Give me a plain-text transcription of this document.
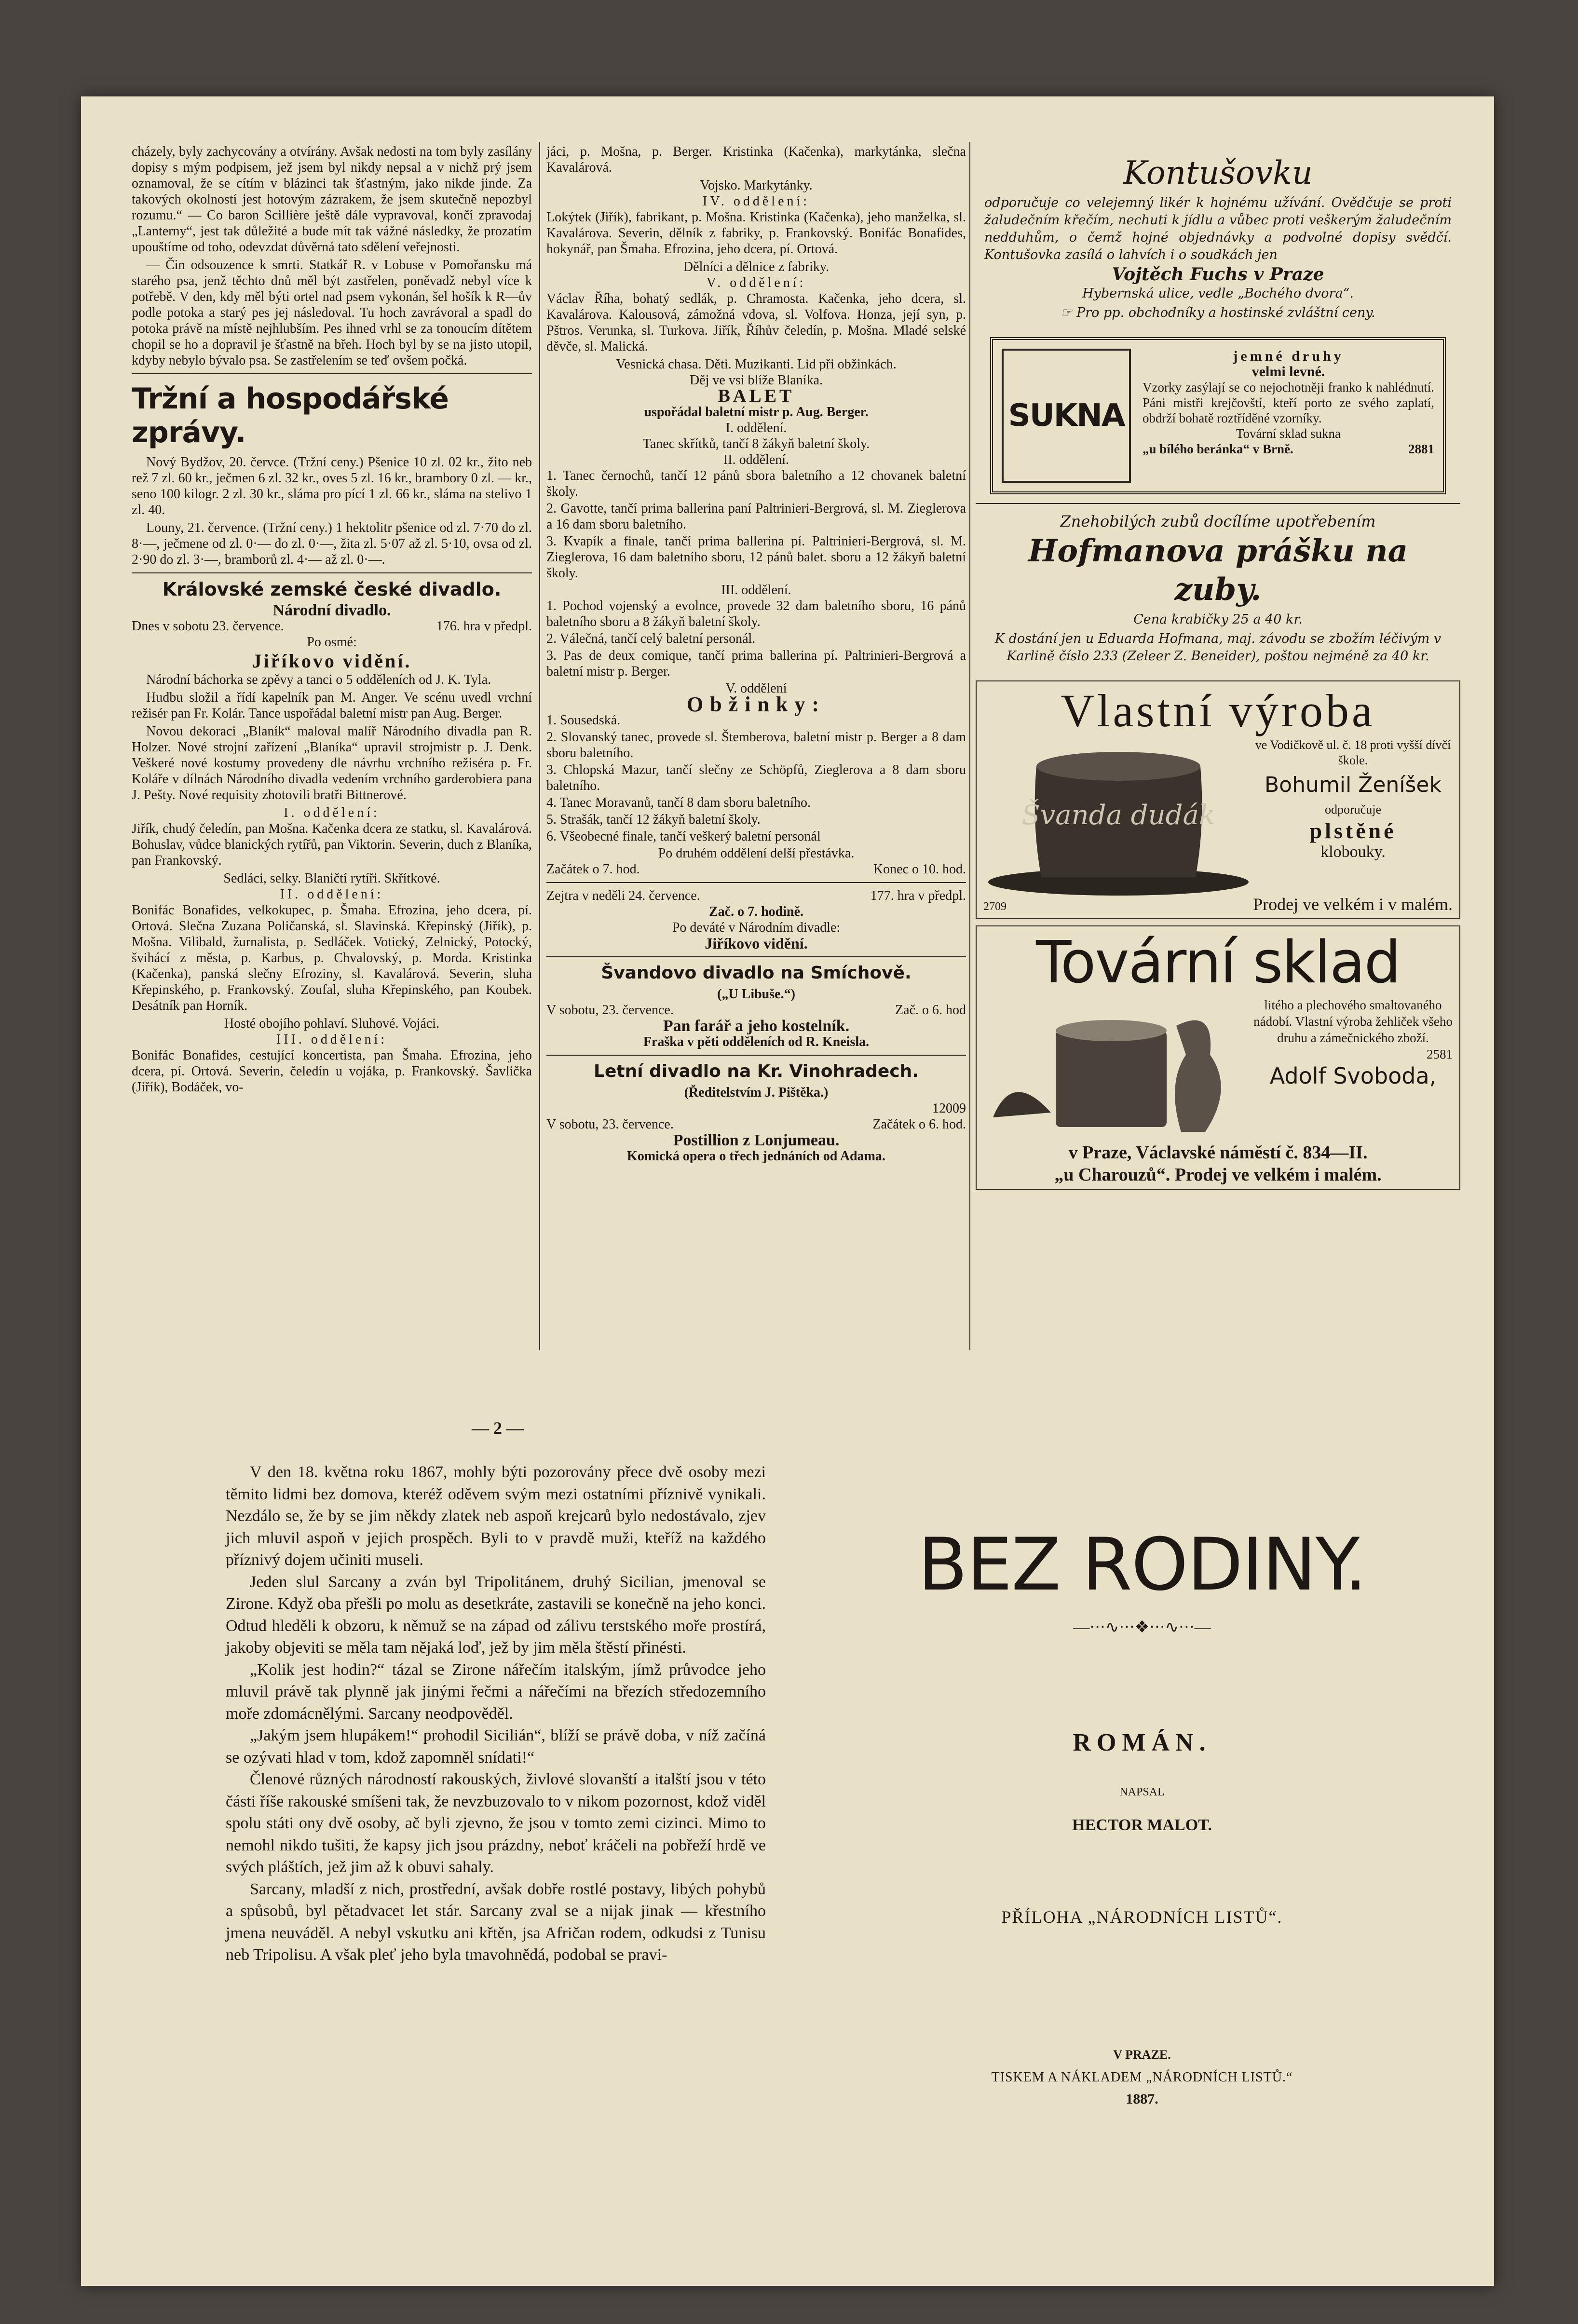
cházely, byly zachycovány a otvírány. Avšak nedosti na tom byly zasílány dopisy s mým podpisem, jež jsem byl nikdy nepsal a v nichž prý jsem oznamoval, že se cítím v blázinci tak šťastným, jako nikde jinde. Za takových okolností jest hotovým zázrakem, že jsem skutečně nepozbyl rozumu.“ — Co baron Scillière ještě dále vypravoval, končí zpravodaj „Lanterny“, jest tak důležité a bude mít tak vážné následky, že prozatím upouštíme od toho, odevzdat důvěrná tato sdělení veřejnosti.

— Čin odsouzence k smrti. Statkář R. v Lobuse v Pomořansku má starého psa, jenž těchto dnů měl být zastřelen, poněvadž nebyl více k potřebě. V den, kdy měl býti ortel nad psem vykonán, šel hošík k R—ův podle potoka a starý pes jej následoval. Tu hoch zavrávoral a spadl do potoka právě na místě nejhlubším. Pes ihned vrhl se za tonoucím dítětem chopil se ho a dopravil je šťastně na břeh. Hoch byl by se na jisto utopil, kdyby nebylo bývalo psa. Se zastřelením se teď ovšem počká.

Tržní a hospodářské zprávy.

Nový Bydžov, 20. červce. (Tržní ceny.) Pšenice 10 zl. 02 kr., žito neb rež 7 zl. 60 kr., ječmen 6 zl. 32 kr., oves 5 zl. 16 kr., brambory 0 zl. — kr., seno 100 kilogr. 2 zl. 30 kr., sláma pro pící 1 zl. 66 kr., sláma na stelivo 1 zl. 40.

Louny, 21. července. (Tržní ceny.) 1 hektolitr pšenice od zl. 7·70 do zl. 8·—, ječmene od zl. 0·— do zl. 0·—, žita zl. 5·07 až zl. 5·10, ovsa od zl. 2·90 do zl. 3·—, bramborů zl. 4·— až zl. 0·—.

Královské zemské české divadlo.
Národní divadlo.
Dnes v sobotu 23. července.	176. hra v předpl.
Po osmé:
Jiříkovo vidění.

Národní báchorka se zpěvy a tanci o 5 odděleních od J. K. Tyla.

Hudbu složil a řídí kapelník pan M. Anger. Ve scénu uvedl vrchní režisér pan Fr. Kolár. Tance uspořádal baletní mistr pan Aug. Berger.

Novou dekoraci „Blaník“ maloval malíř Národního divadla pan R. Holzer. Nové strojní zařízení „Blaníka“ upravil strojmistr p. J. Denk. Veškeré nové kostumy provedeny dle návrhu vrchního režiséra p. Fr. Koláře v dílnách Národního divadla vedením vrchního garderobiera pana J. Pešty. Nové requisity zhotovili bratři Bittnerové.

I. oddělení:

Jiřík, chudý čeledín, pan Mošna. Kačenka dcera ze statku, sl. Kavalárová. Bohuslav, vůdce blanických rytířů, pan Viktorin. Severin, duch z Blaníka, pan Frankovský.

Sedláci, selky. Blaničtí rytíři. Skřítkové.
II. oddělení:

Bonifác Bonafides, velkokupec, p. Šmaha. Efrozina, jeho dcera, pí. Ortová. Slečna Zuzana Poličanská, sl. Slavinská. Křepinský (Jiřík), p. Mošna. Vilibald, žurnalista, p. Sedláček. Votický, Zelnický, Potocký, švihácí z města, p. Karbus, p. Chvalovský, p. Morda. Kristinka (Kačenka), panská slečny Efroziny, sl. Kavalárová. Severin, sluha Křepinského, p. Frankovský. Zoufal, sluha Křepinského, pan Koubek. Desátník pan Horník.

Hosté obojího pohlaví. Sluhové. Vojáci.
III. oddělení:

Bonifác Bonafides, cestující koncertista, pan Šmaha. Efrozina, jeho dcera, pí. Ortová. Severin, čeledín u vojáka, p. Frankovský. Šavlička (Jiřík), Bodáček, vo-

jáci, p. Mošna, p. Berger. Kristinka (Kačenka), markytánka, slečna Kavalárová.

Vojsko. Markytánky.
IV. oddělení:

Lokýtek (Jiřík), fabrikant, p. Mošna. Kristinka (Kačenka), jeho manželka, sl. Kavalárova. Severin, dělník z fabriky, p. Frankovský. Bonifác Bonafides, hokynář, pan Šmaha. Efrozina, jeho dcera, pí. Ortová.

Dělníci a dělnice z fabriky.
V. oddělení:

Václav Říha, bohatý sedlák, p. Chramosta. Kačenka, jeho dcera, sl. Kavalárova. Kalousová, zámožná vdova, sl. Volfova. Honza, její syn, p. Pštros. Verunka, sl. Turkova. Jiřík, Říhův čeledín, p. Mošna. Mladé selské děvče, sl. Malická.

Vesnická chasa. Děti. Muzikanti. Lid při obžinkách.
Děj ve vsi blíže Blaníka.
BALET
uspořádal baletní mistr p. Aug. Berger.
I. oddělení.
Tanec skřítků, tančí 8 žákyň baletní školy.
II. oddělení.
1. Tanec černochů, tančí 12 pánů sbora baletního a 12 chovanek baletní školy.
2. Gavotte, tančí prima ballerina paní Paltrinieri-Bergrová, sl. M. Zieglerova a 16 dam sboru baletního.
3. Kvapík a finale, tančí prima ballerina pí. Paltrinieri-Bergrová, sl. M. Zieglerova, 16 dam baletního sboru, 12 pánů balet. sboru a 12 žákyň baletní školy.
III. oddělení.
1. Pochod vojenský a evolnce, provede 32 dam baletního sboru, 16 pánů baletního sboru a 8 žákyň baletní školy.
2. Válečná, tančí celý baletní personál.
3. Pas de deux comique, tančí prima ballerina pí. Paltrinieri-Bergrová a baletní mistr p. Berger.
V. oddělení
Obžinky:
1. Sousedská.
2. Slovanský tanec, provede sl. Štemberova, baletní mistr p. Berger a 8 dam sboru baletního.
3. Chlopská Mazur, tančí slečny ze Schöpfů, Zieglerova a 8 dam sboru baletního.
4. Tanec Moravanů, tančí 8 dam sboru baletního.
5. Strašák, tančí 12 žákyň baletní školy.
6. Všeobecné finale, tančí veškerý baletní personál
Po druhém oddělení delší přestávka.
Začátek o 7. hod.	Konec o 10. hod.
Zejtra v neděli 24. července.	177. hra v předpl.
Zač. o 7. hodině.
Po deváté v Národním divadle:
Jiříkovo vidění.
Švandovo divadlo na Smíchově.
(„U Libuše.“)
V sobotu, 23. července.	Zač. o 6. hod
Pan farář a jeho kostelník.
Fraška v pěti odděleních od R. Kneisla.
Letní divadlo na Kr. Vinohradech.
(Ředitelstvím J. Pištěka.)
12009
V sobotu, 23. července.	Začátek o 6. hod.
Postillion z Lonjumeau.
Komická opera o třech jednáních od Adama.
Kontušovku

odporučuje co velejemný likér k hojnému užívání. Ovědčuje se proti žaludečním křečím, nechuti k jídlu a vůbec proti veškerým žaludečním nedduhům, o čemž hojné objednávky a podvolné dopisy svědčí. Kontušovka zasílá o lahvích i o soudkách jen

Vojtěch Fuchs v Praze

Hybernská ulice, vedle „Bochého dvora“.

☞ Pro pp. obchodníky a hostinské zvláštní ceny.

SUKNA
jemné druhy
velmi levné.
Vzorky zasýlají se co nejochotněji franko k nahlédnutí. Páni mistři krejčovští, kteří porto ze svého zaplatí, obdrží bohatě roztříděné vzorníky.
Tovární sklad sukna
„u bílého beránka“ v Brně.	2881

Znehobilých zubů docílíme upotřebením

Hofmanova prášku na zuby.

Cena krabičky 25 a 40 kr.

K dostání jen u Eduarda Hofmana, maj. závodu se zbožím léčivým v Karlině číslo 233 (Zeleer Z. Beneider), poštou nejméně za 40 kr.

Vlastní výroba
Švanda dudák
ve Vodičkově ul. č. 18 proti vyšší dívčí škole.
Bohumil Ženíšek
odporučuje
plstěné
klobouky.
2709	Prodej ve velkém i v malém.
Tovární sklad
litého a plechového smaltovaného nádobí. Vlastní výroba žehliček všeho druhu a zámečnického zboží.
2581
Adolf Svoboda,
v Praze, Václavské náměstí č. 834—II.
„u Charouzů“. Prodej ve velkém i malém.
— 2 —

V den 18. května roku 1867, mohly býti pozorovány přece dvě osoby mezi těmito lidmi bez domova, kteréž oděvem svým mezi ostatními příznivě vynikali. Nezdálo se, že by se jim někdy zlatek neb aspoň krejcarů bylo nedostávalo, zjev jich mluvil aspoň v jejich prospěch. Byli to v pravdě muži, kteříž na každého příznivý dojem učiniti museli.

Jeden slul Sarcany a zván byl Tripolitánem, druhý Sicilian, jmenoval se Zirone. Když oba přešli po molu as desetkráte, zastavili se konečně na jeho konci. Odtud hleděli k obzoru, k němuž se na západ od zálivu terstského moře prostírá, jakoby objeviti se měla tam nějaká loď, jež by jim měla štěstí přinésti.

„Kolik jest hodin?“ tázal se Zirone nářečím italským, jímž průvodce jeho mluvil právě tak plynně jak jinými řečmi a nářečími na březích středozemního moře zdomácnělými. Sarcany neodpověděl.

„Jakým jsem hlupákem!“ prohodil Sicilián“, blíží se právě doba, v níž začíná se ozývati hlad v tom, kdož zapomněl snídati!“

Členové různých národností rakouských, živlové slovanští a italští jsou v této části říše rakouské smíšeni tak, že nevzbuzovalo to v nikom pozornost, kdož viděl spolu státi ony dvě osoby, ač byli zjevno, že jsou v tomto zemi cizinci. Mimo to nemohl nikdo tušiti, že kapsy jich jsou prázdny, neboť kráčeli na pobřeží hrdě ve svých pláštích, jež jim až k obuvi sahaly.

Sarcany, mladší z nich, prostřední, avšak dobře rostlé postavy, libých pohybů a spůsobů, byl pětadvacet let stár. Sarcany zval se a nijak jinak — křestního jmena neuváděl. A nebyl vskutku ani křtěn, jsa Afričan rodem, odkudsi z Tunisu neb Tripolisu. A však pleť jeho byla tmavohnědá, podobal se pravi-

BEZ RODINY.
—⋅⋅⋅∿⋅⋅⋅❖⋅⋅⋅∿⋅⋅⋅—
ROMÁN.
NAPSAL
HECTOR MALOT.
PŘÍLOHA „NÁRODNÍCH LISTŮ“.
V PRAZE.
TISKEM A NÁKLADEM „NÁRODNÍCH LISTŮ.“
1887.
